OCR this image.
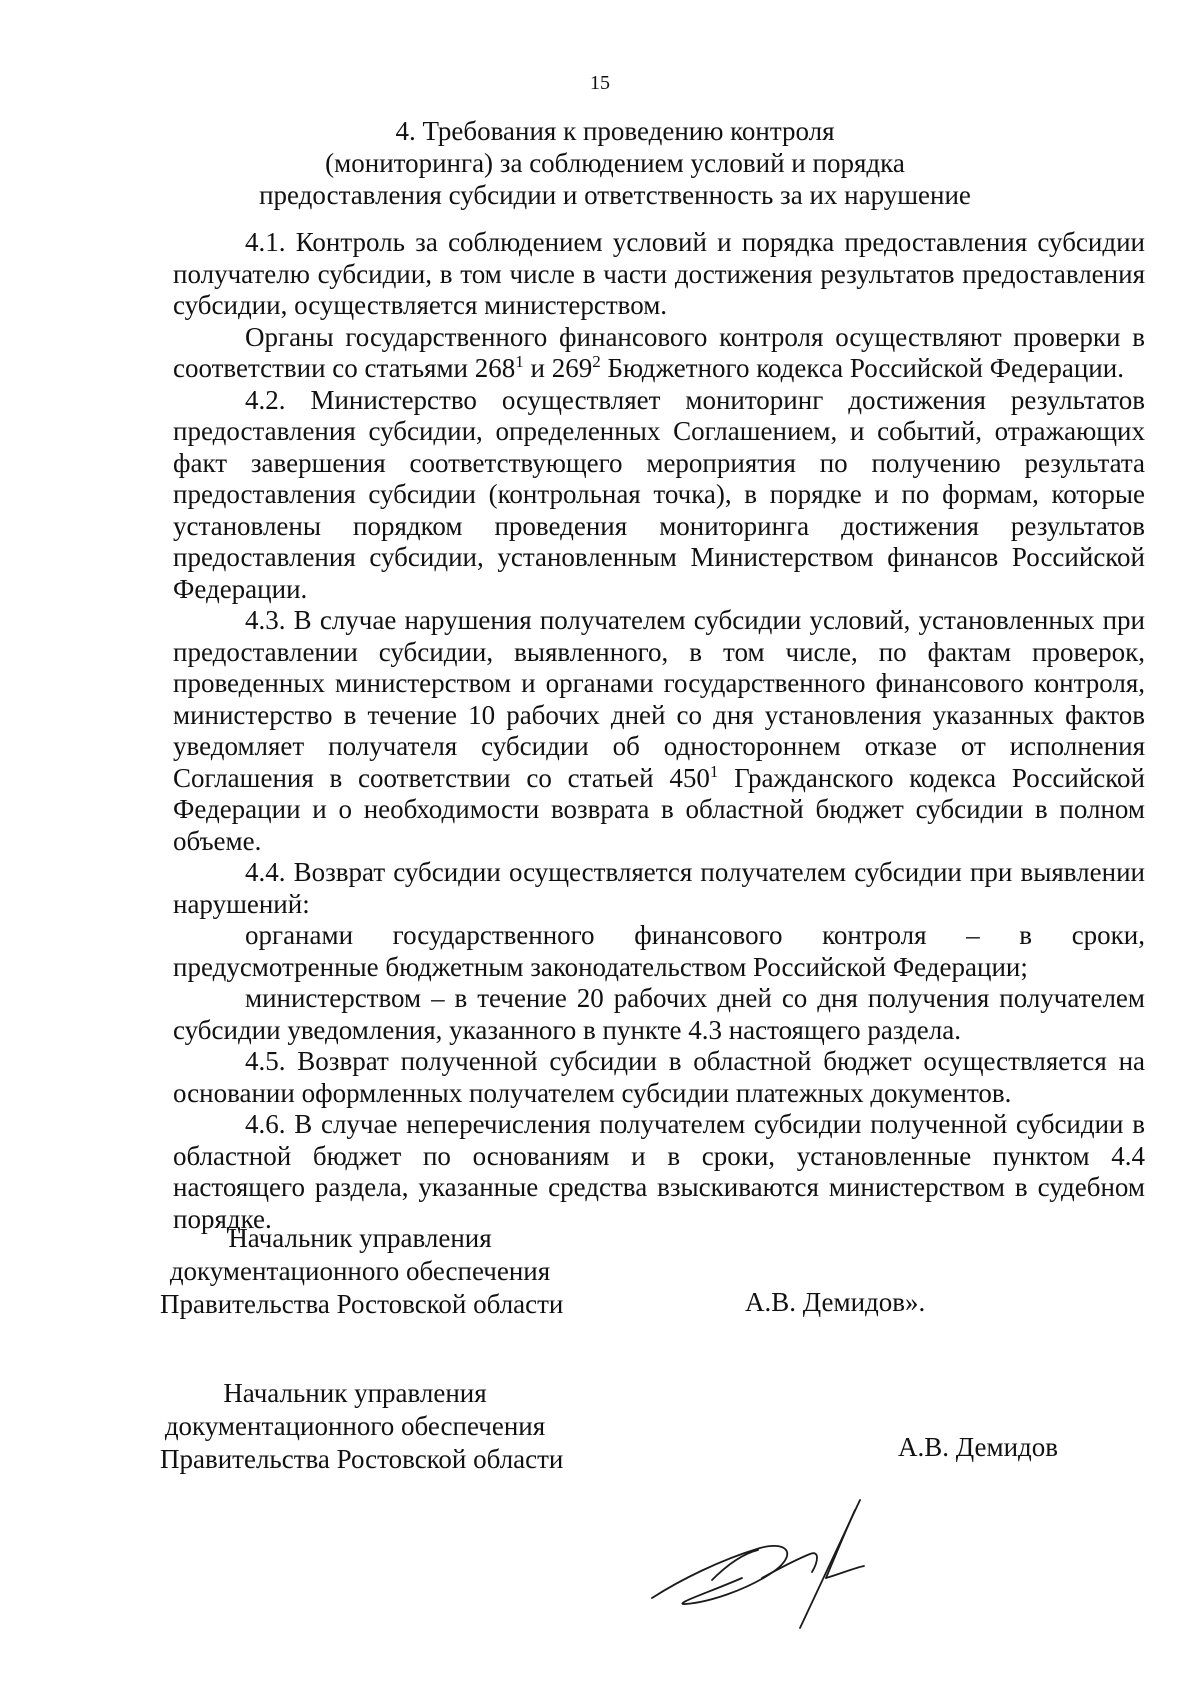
15
4. Требования к проведению контроля
(мониторинга) за соблюдением условий и порядка
предоставления субсидии и ответственность за их нарушение

4.1. Контроль за соблюдением условий и порядка предоставления субсидии получателю субсидии, в том числе в части достижения результатов предоставления субсидии, осуществляется министерством.

Органы государственного финансового контроля осуществляют проверки в соответствии со статьями $268^1$ и $269^2$ Бюджетного кодекса Российской Федерации.

4.2. Министерство осуществляет мониторинг достижения результатов предоставления субсидии, определенных Соглашением, и событий, отражающих факт завершения соответствующего мероприятия по получению результата предоставления субсидии (контрольная точка), в порядке и по формам, которые установлены порядком проведения мониторинга достижения результатов предоставления субсидии, установленным Министерством финансов Российской Федерации.

4.3. В случае нарушения получателем субсидии условий, установленных при предоставлении субсидии, выявленного, в том числе, по фактам проверок, проведенных министерством и органами государственного финансового контроля, министерство в течение 10 рабочих дней со дня установления указанных фактов уведомляет получателя субсидии об одностороннем отказе от исполнения Соглашения в соответствии со статьей $450^1$ Гражданского кодекса Российской Федерации и о необходимости возврата в областной бюджет субсидии в полном объеме.

4.4. Возврат субсидии осуществляется получателем субсидии при выявлении нарушений:

органами государственного финансового контроля – в сроки, предусмотренные бюджетным законодательством Российской Федерации;

министерством – в течение 20 рабочих дней со дня получения получателем субсидии уведомления, указанного в пункте 4.3 настоящего раздела.

4.5. Возврат полученной субсидии в областной бюджет осуществляется на основании оформленных получателем субсидии платежных документов.

4.6. В случае неперечисления получателем субсидии полученной субсидии в областной бюджет по основаниям и в сроки, установленные пунктом 4.4 настоящего раздела, указанные средства взыскиваются министерством в судебном порядке.

Начальник управления
документационного обеспечения
Правительства Ростовской области	А.В. Демидов».
Начальник управления
документационного обеспечения
Правительства Ростовской области	А.В. Демидов
